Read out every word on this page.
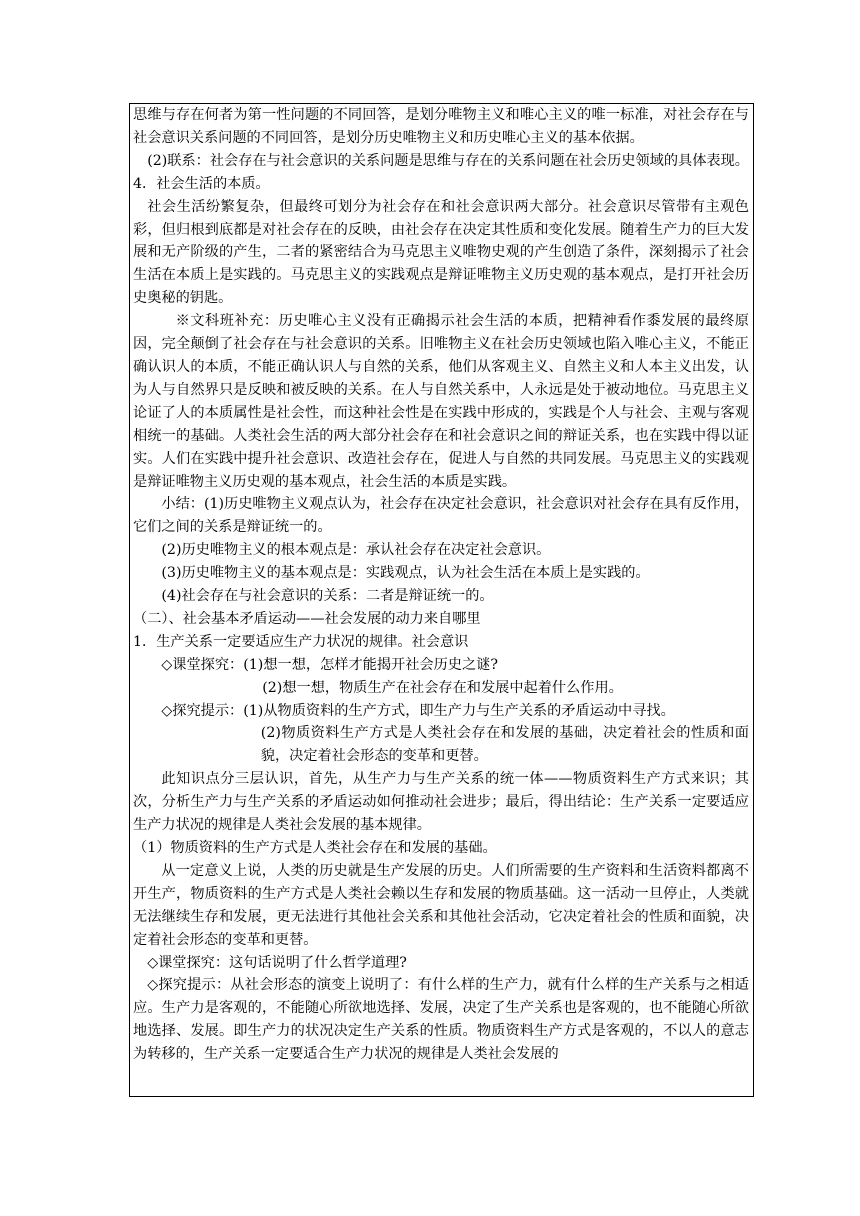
思维与存在何者为第一性问题的不同回答，是划分唯物主义和唯心主义的唯一标准，对社会存在与社会意识关系问题的不同回答，是划分历史唯物主义和历史唯心主义的基本依据。

(2)联系：社会存在与社会意识的关系问题是思维与存在的关系问题在社会历史领域的具体表现。

4．社会生活的本质。

社会生活纷繁复杂，但最终可划分为社会存在和社会意识两大部分。社会意识尽管带有主观色彩，但归根到底都是对社会存在的反映，由社会存在决定其性质和变化发展。随着生产力的巨大发展和无产阶级的产生，二者的紧密结合为马克思主义唯物史观的产生创造了条件，深刻揭示了社会生活在本质上是实践的。马克思主义的实践观点是辩证唯物主义历史观的基本观点，是打开社会历史奥秘的钥匙。

※文科班补充：历史唯心主义没有正确揭示社会生活的本质，把精神看作黍发展的最终原因，完全颠倒了社会存在与社会意识的关系。旧唯物主义在社会历史领域也陷入唯心主义，不能正确认识人的本质，不能正确认识人与自然的关系，他们从客观主义、自然主义和人本主义出发，认为人与自然界只是反映和被反映的关系。在人与自然关系中，人永远是处于被动地位。马克思主义论证了人的本质属性是社会性，而这种社会性是在实践中形成的，实践是个人与社会、主观与客观相统一的基础。人类社会生活的两大部分社会存在和社会意识之间的辩证关系，也在实践中得以证实。人们在实践中提升社会意识、改造社会存在，促进人与自然的共同发展。马克思主义的实践观是辩证唯物主义历史观的基本观点，社会生活的本质是实践。

小结：(1)历史唯物主义观点认为，社会存在决定社会意识，社会意识对社会存在具有反作用，它们之间的关系是辩证统一的。

(2)历史唯物主义的根本观点是：承认社会存在决定社会意识。

(3)历史唯物主义的基本观点是：实践观点，认为社会生活在本质上是实践的。

(4)社会存在与社会意识的关系：二者是辩证统一的。

（二）、社会基本矛盾运动——社会发展的动力来自哪里

1．生产关系一定要适应生产力状况的规律。社会意识

◇课堂探究：(1)想一想，怎样才能揭开社会历史之谜?

(2)想一想，物质生产在社会存在和发展中起着什么作用。

◇探究提示：(1)从物质资料的生产方式，即生产力与生产关系的矛盾运动中寻找。

(2)物质资料生产方式是人类社会存在和发展的基础，决定着社会的性质和面貌，决定着社会形态的变革和更替。

此知识点分三层认识，首先，从生产力与生产关系的统一体——物质资料生产方式来识；其次，分析生产力与生产关系的矛盾运动如何推动社会进步；最后，得出结论：生产关系一定要适应生产力状况的规律是人类社会发展的基本规律。

（1）物质资料的生产方式是人类社会存在和发展的基础。

从一定意义上说，人类的历史就是生产发展的历史。人们所需要的生产资料和生活资料都离不开生产，物质资料的生产方式是人类社会赖以生存和发展的物质基础。这一活动一旦停止，人类就无法继续生存和发展，更无法进行其他社会关系和其他社会活动，它决定着社会的性质和面貌，决定着社会形态的变革和更替。

◇课堂探究：这句话说明了什么哲学道理?

◇探究提示：从社会形态的演变上说明了：有什么样的生产力，就有什么样的生产关系与之相适应。生产力是客观的，不能随心所欲地选择、发展，决定了生产关系也是客观的，也不能随心所欲地选择、发展。即生产力的状况决定生产关系的性质。物质资料生产方式是客观的，不以人的意志为转移的，生产关系一定要适合生产力状况的规律是人类社会发展的
